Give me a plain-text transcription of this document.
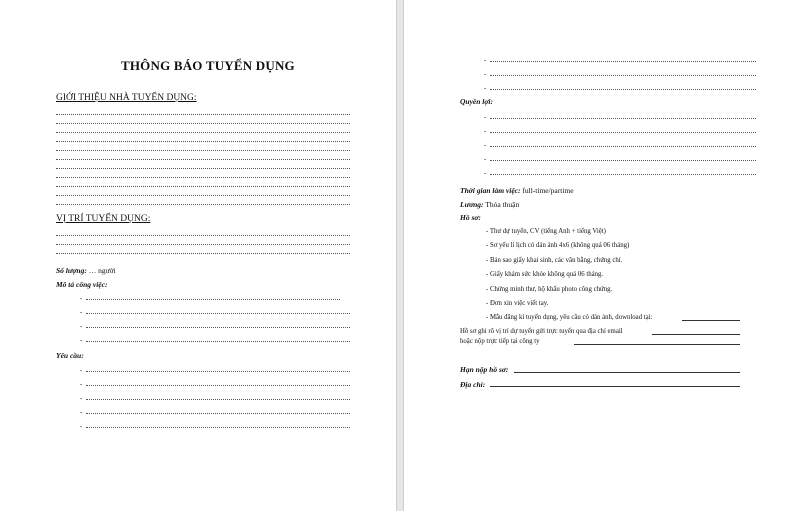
THÔNG BÁO TUYỂN DỤNG
GIỚI THIỆU NHÀ TUYỂN DỤNG:
VỊ TRÍ TUYỂN DỤNG:
Số lượng: … người
Mô tả công việc:
-
-
-
-
Yêu cầu:
-
-
-
-
-
-
-
-
Quyền lợi:
-
-
-
-
-
Thời gian làm việc: full-time/partime
Lương: Thỏa thuận
Hồ sơ:
- Thư dự tuyển, CV (tiếng Anh + tiếng Việt)
- Sơ yếu lí lịch có dán ảnh 4x6 (không quá 06 tháng)
- Bản sao giấy khai sinh, các văn bằng, chứng chỉ.
- Giấy khám sức khỏe không quá 06 tháng.
- Chứng minh thư, hộ khẩu photo công chứng.
- Đơn xin việc viết tay.
- Mẫu đăng kí tuyển dụng, yêu cầu có dán ảnh, download tại:
Hồ sơ ghi rõ vị trí dự tuyển gửi trực tuyến qua địa chỉ email
hoặc nộp trực tiếp tại công ty
Hạn nộp hồ sơ:
Địa chỉ:
